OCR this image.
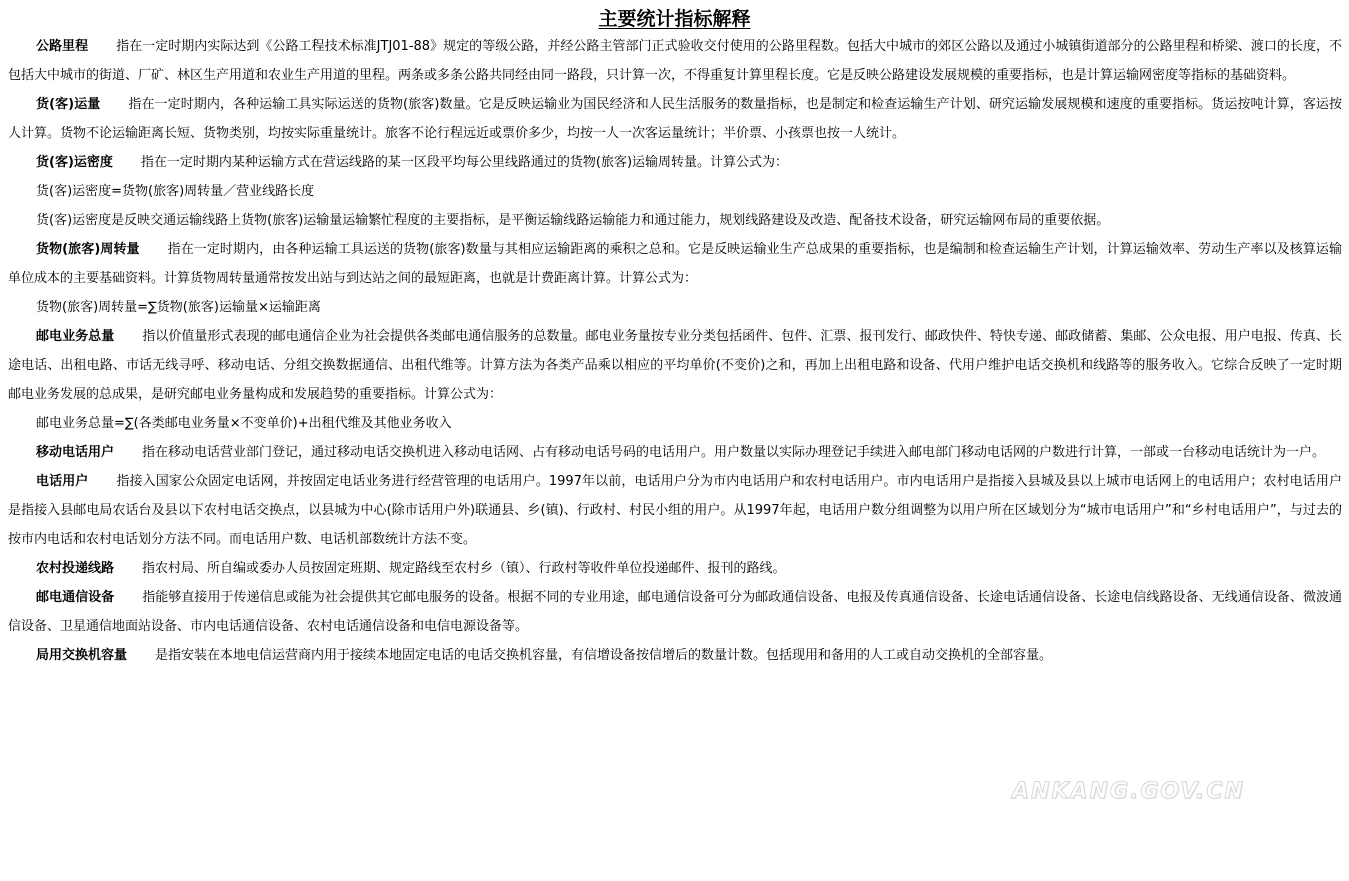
主要统计指标解释

公路里程 指在一定时期内实际达到《公路工程技术标准JTJ01-88》规定的等级公路，并经公路主管部门正式验收交付使用的公路里程数。包括大中城市的郊区公路以及通过小城镇街道部分的公路里程和桥梁、渡口的长度，不包括大中城市的街道、厂矿、林区生产用道和农业生产用道的里程。两条或多条公路共同经由同一路段，只计算一次，不得重复计算里程长度。它是反映公路建设发展规模的重要指标，也是计算运输网密度等指标的基础资料。

货(客)运量 指在一定时期内，各种运输工具实际运送的货物(旅客)数量。它是反映运输业为国民经济和人民生活服务的数量指标，也是制定和检查运输生产计划、研究运输发展规模和速度的重要指标。货运按吨计算，客运按人计算。货物不论运输距离长短、货物类别，均按实际重量统计。旅客不论行程远近或票价多少，均按一人一次客运量统计；半价票、小孩票也按一人统计。

货(客)运密度 指在一定时期内某种运输方式在营运线路的某一区段平均每公里线路通过的货物(旅客)运输周转量。计算公式为：

货(客)运密度=货物(旅客)周转量／营业线路长度

货(客)运密度是反映交通运输线路上货物(旅客)运输量运输繁忙程度的主要指标，是平衡运输线路运输能力和通过能力，规划线路建设及改造、配备技术设备，研究运输网布局的重要依据。

货物(旅客)周转量 指在一定时期内，由各种运输工具运送的货物(旅客)数量与其相应运输距离的乘积之总和。它是反映运输业生产总成果的重要指标，也是编制和检查运输生产计划，计算运输效率、劳动生产率以及核算运输单位成本的主要基础资料。计算货物周转量通常按发出站与到达站之间的最短距离，也就是计费距离计算。计算公式为：

货物(旅客)周转量=∑货物(旅客)运输量×运输距离

邮电业务总量 指以价值量形式表现的邮电通信企业为社会提供各类邮电通信服务的总数量。邮电业务量按专业分类包括函件、包件、汇票、报刊发行、邮政快件、特快专递、邮政储蓄、集邮、公众电报、用户电报、传真、长途电话、出租电路、市话无线寻呼、移动电话、分组交换数据通信、出租代维等。计算方法为各类产品乘以相应的平均单价(不变价)之和，再加上出租电路和设备、代用户维护电话交换机和线路等的服务收入。它综合反映了一定时期邮电业务发展的总成果，是研究邮电业务量构成和发展趋势的重要指标。计算公式为：

邮电业务总量=∑(各类邮电业务量×不变单价)+出租代维及其他业务收入

移动电话用户 指在移动电话营业部门登记，通过移动电话交换机进入移动电话网、占有移动电话号码的电话用户。用户数量以实际办理登记手续进入邮电部门移动电话网的户数进行计算，一部或一台移动电话统计为一户。

电话用户 指接入国家公众固定电话网，并按固定电话业务进行经营管理的电话用户。1997年以前，电话用户分为市内电话用户和农村电话用户。市内电话用户是指接入县城及县以上城市电话网上的电话用户；农村电话用户是指接入县邮电局农话台及县以下农村电话交换点，以县城为中心(除市话用户外)联通县、乡(镇)、行政村、村民小组的用户。从1997年起，电话用户数分组调整为以用户所在区域划分为“城市电话用户”和“乡村电话用户”，与过去的按市内电话和农村电话划分方法不同。而电话用户数、电话机部数统计方法不变。

农村投递线路 指农村局、所自编或委办人员按固定班期、规定路线至农村乡（镇）、行政村等收件单位投递邮件、报刊的路线。

邮电通信设备 指能够直接用于传递信息或能为社会提供其它邮电服务的设备。根据不同的专业用途，邮电通信设备可分为邮政通信设备、电报及传真通信设备、长途电话通信设备、长途电信线路设备、无线通信设备、微波通信设备、卫星通信地面站设备、市内电话通信设备、农村电话通信设备和电信电源设备等。

局用交换机容量 是指安装在本地电信运营商内用于接续本地固定电话的电话交换机容量，有信增设备按信增后的数量计数。包括现用和备用的人工或自动交换机的全部容量。

ANKANG.GOV.CN
